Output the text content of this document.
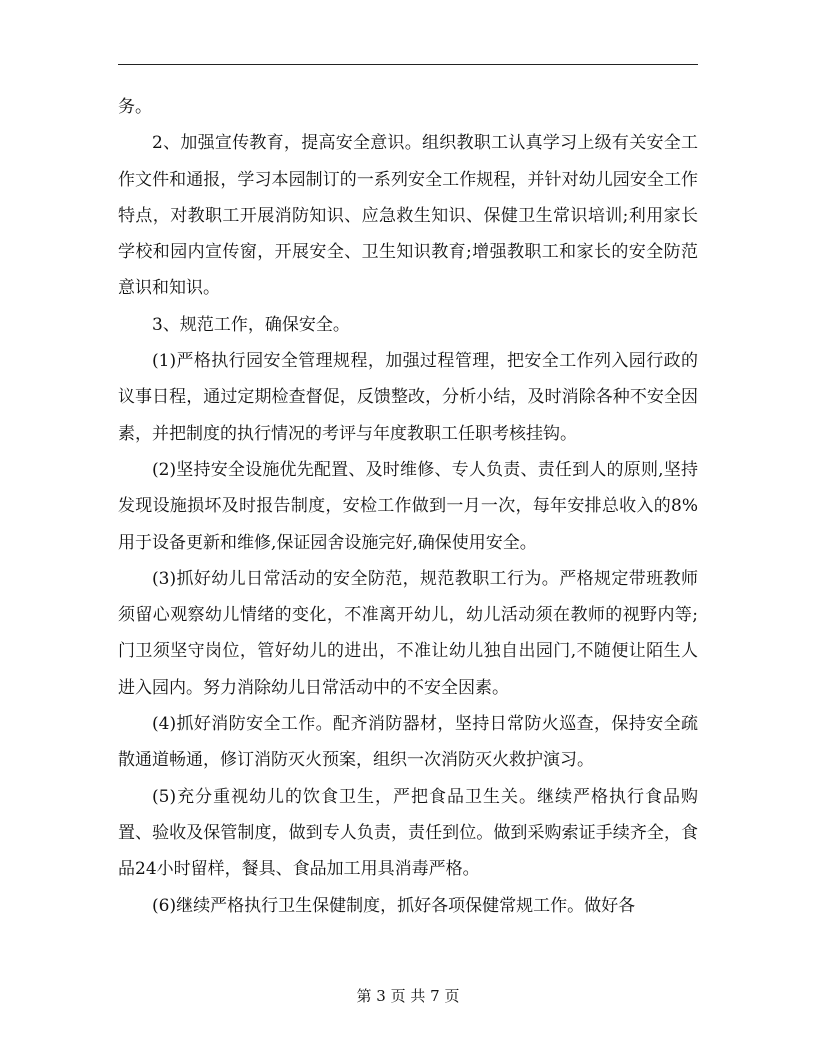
务。

2、加强宣传教育，提高安全意识。组织教职工认真学习上级有关安全工作文件和通报，学习本园制订的一系列安全工作规程，并针对幼儿园安全工作特点，对教职工开展消防知识、应急救生知识、保健卫生常识培训;利用家长学校和园内宣传窗，开展安全、卫生知识教育;增强教职工和家长的安全防范意识和知识。

3、规范工作，确保安全。

(1)严格执行园安全管理规程，加强过程管理，把安全工作列入园行政的议事日程，通过定期检查督促，反馈整改，分析小结，及时消除各种不安全因素，并把制度的执行情况的考评与年度教职工任职考核挂钩。

(2)坚持安全设施优先配置、及时维修、专人负责、责任到人的原则,坚持发现设施损坏及时报告制度，安检工作做到一月一次，每年安排总收入的8%用于设备更新和维修,保证园舍设施完好,确保使用安全。

(3)抓好幼儿日常活动的安全防范，规范教职工行为。严格规定带班教师须留心观察幼儿情绪的变化，不准离开幼儿，幼儿活动须在教师的视野内等;门卫须坚守岗位，管好幼儿的进出，不准让幼儿独自出园门,不随便让陌生人进入园内。努力消除幼儿日常活动中的不安全因素。

(4)抓好消防安全工作。配齐消防器材，坚持日常防火巡查，保持安全疏散通道畅通，修订消防灭火预案，组织一次消防灭火救护演习。

(5)充分重视幼儿的饮食卫生，严把食品卫生关。继续严格执行食品购置、验收及保管制度，做到专人负责，责任到位。做到采购索证手续齐全，食品24小时留样，餐具、食品加工用具消毒严格。

(6)继续严格执行卫生保健制度，抓好各项保健常规工作。做好各

第 3 页 共 7 页
